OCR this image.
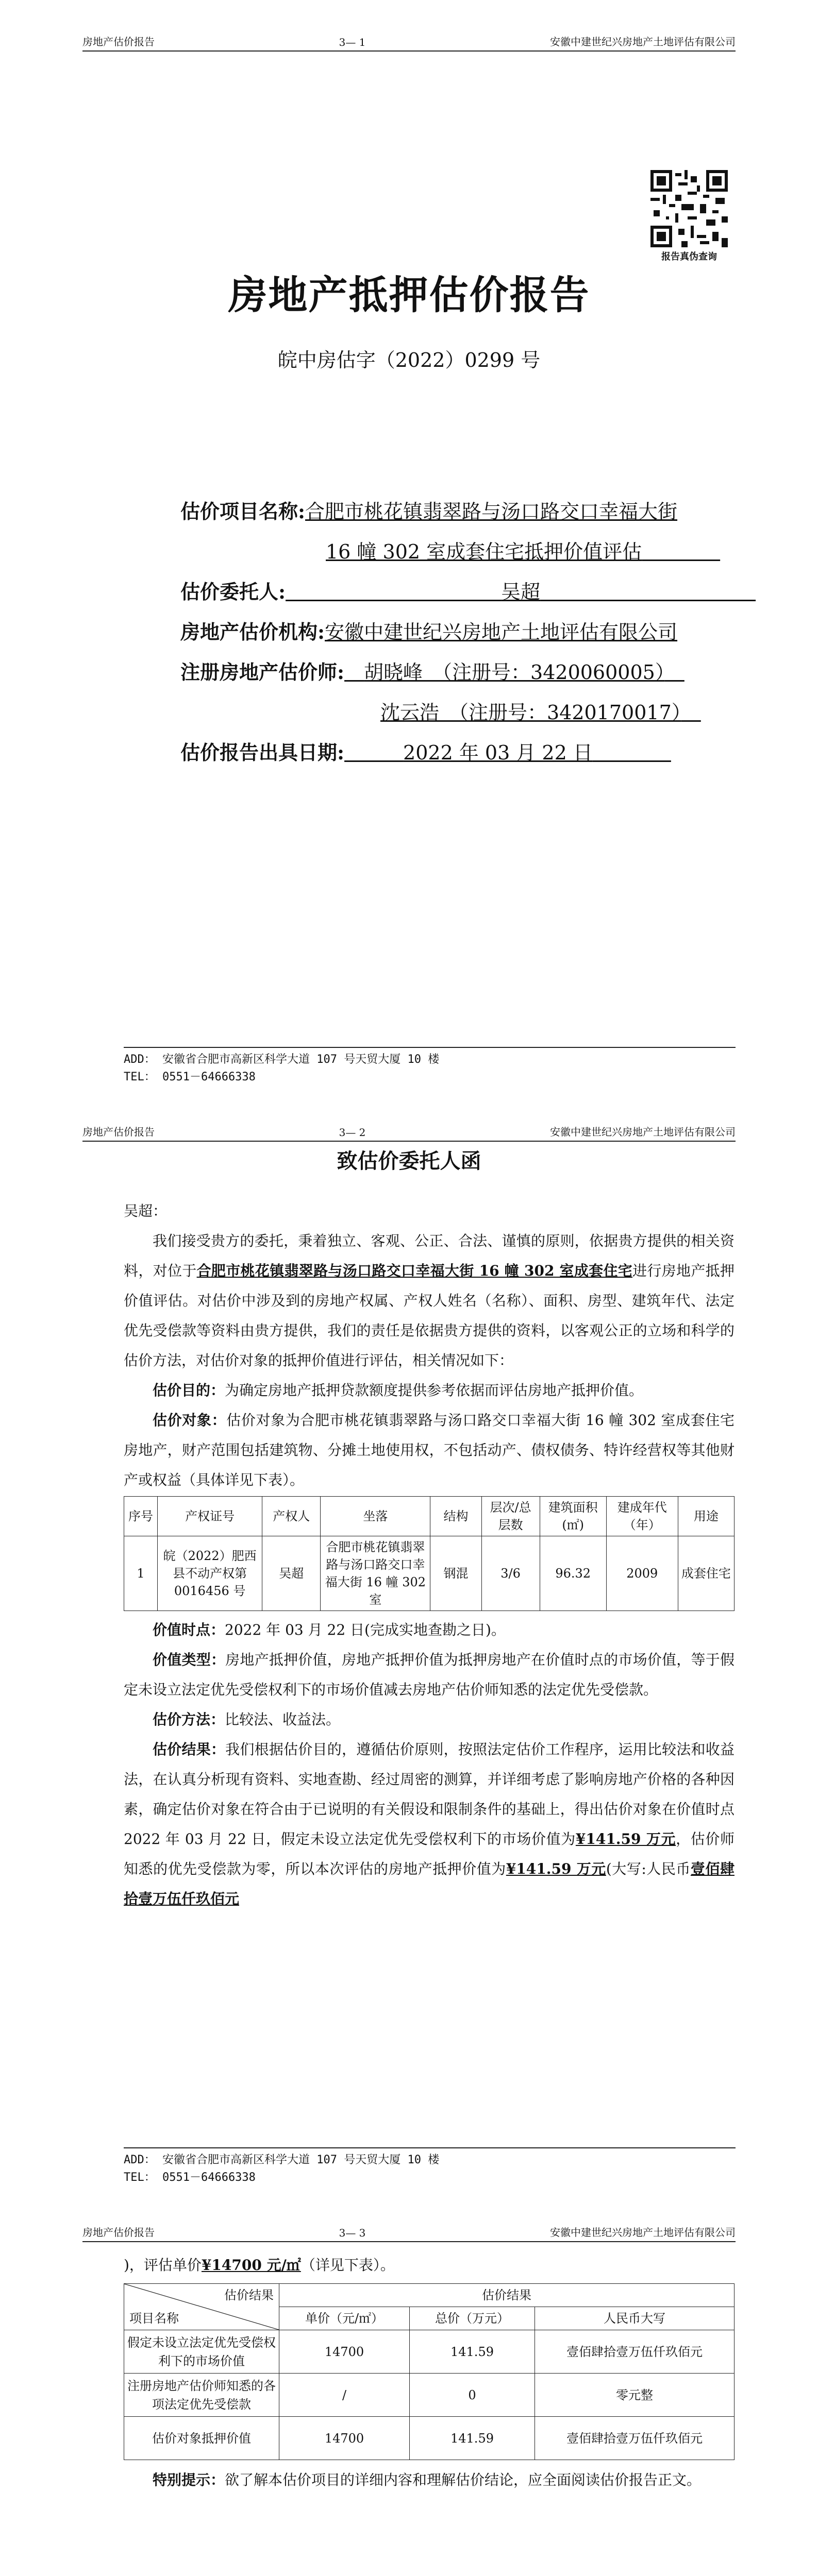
房地产估价报告	3— 1	安徽中建世纪兴房地产土地评估有限公司
报告真伪查询
房地产抵押估价报告
皖中房估字（2022）0299 号
估价项目名称:合肥市桃花镇翡翠路与汤口路交口幸福大街
16 幢 302 室成套住宅抵押价值评估　　　　
估价委托人:　　　　　　　　　　　	吴超　　　　　　　　　　　
房地产估价机构:安徽中建世纪兴房地产土地评估有限公司
注册房地产估价师:　 胡晓峰　（注册号：3420060005）　
沈云浩　（注册号：3420170017）　
估价报告出具日期:　　　	2022 年 03 月 22 日　　　　
ADD： 安徽省合肥市高新区科学大道 107 号天贸大厦 10 楼
TEL： 0551－64666338
房地产估价报告	3— 2	安徽中建世纪兴房地产土地评估有限公司
致估价委托人函

吴超：

我们接受贵方的委托，秉着独立、客观、公正、合法、谨慎的原则，依据贵方提供的相关资料，对位于合肥市桃花镇翡翠路与汤口路交口幸福大街 16 幢 302 室成套住宅进行房地产抵押价值评估。对估价中涉及到的房地产权属、产权人姓名（名称）、面积、房型、建筑年代、法定优先受偿款等资料由贵方提供，我们的责任是依据贵方提供的资料，以客观公正的立场和科学的估价方法，对估价对象的抵押价值进行评估，相关情况如下：

估价目的：为确定房地产抵押贷款额度提供参考依据而评估房地产抵押价值。

估价对象：估价对象为合肥市桃花镇翡翠路与汤口路交口幸福大街 16 幢 302 室成套住宅房地产，财产范围包括建筑物、分摊土地使用权，不包括动产、债权债务、特许经营权等其他财产或权益（具体详见下表）。

序号	产权证号	产权人	坐落	结构	层次/总层数	建筑面积(㎡)	建成年代（年）	用途
1	皖（2022）肥西县不动产权第 0016456 号	吴超	合肥市桃花镇翡翠路与汤口路交口幸福大街 16 幢 302 室	钢混	3/6	96.32	2009	成套住宅

价值时点：2022 年 03 月 22 日(完成实地查勘之日)。

价值类型：房地产抵押价值，房地产抵押价值为抵押房地产在价值时点的市场价值，等于假定未设立法定优先受偿权利下的市场价值减去房地产估价师知悉的法定优先受偿款。

估价方法：比较法、收益法。

估价结果：我们根据估价目的，遵循估价原则，按照法定估价工作程序，运用比较法和收益法，在认真分析现有资料、实地查勘、经过周密的测算，并详细考虑了影响房地产价格的各种因素，确定估价对象在符合由于已说明的有关假设和限制条件的基础上，得出估价对象在价值时点 2022 年 03 月 22 日，假定未设立法定优先受偿权利下的市场价值为¥141.59 万元，估价师知悉的优先受偿款为零，所以本次评估的房地产抵押价值为¥141.59 万元(大写:人民币壹佰肆拾壹万伍仟玖佰元

ADD： 安徽省合肥市高新区科学大道 107 号天贸大厦 10 楼
TEL： 0551－64666338
房地产估价报告	3— 3	安徽中建世纪兴房地产土地评估有限公司

)，评估单价¥14700 元/㎡（详见下表）。

估价结果
项目名称	估价结果		
	单价（元/㎡）	总价（万元）	人民币大写
假定未设立法定优先受偿权利下的市场价值	14700	141.59	壹佰肆拾壹万伍仟玖佰元
注册房地产估价师知悉的各项法定优先受偿款	/	0	零元整
估价对象抵押价值	14700	141.59	壹佰肆拾壹万伍仟玖佰元

特别提示：欲了解本估价项目的详细内容和理解估价结论，应全面阅读估价报告正文。
